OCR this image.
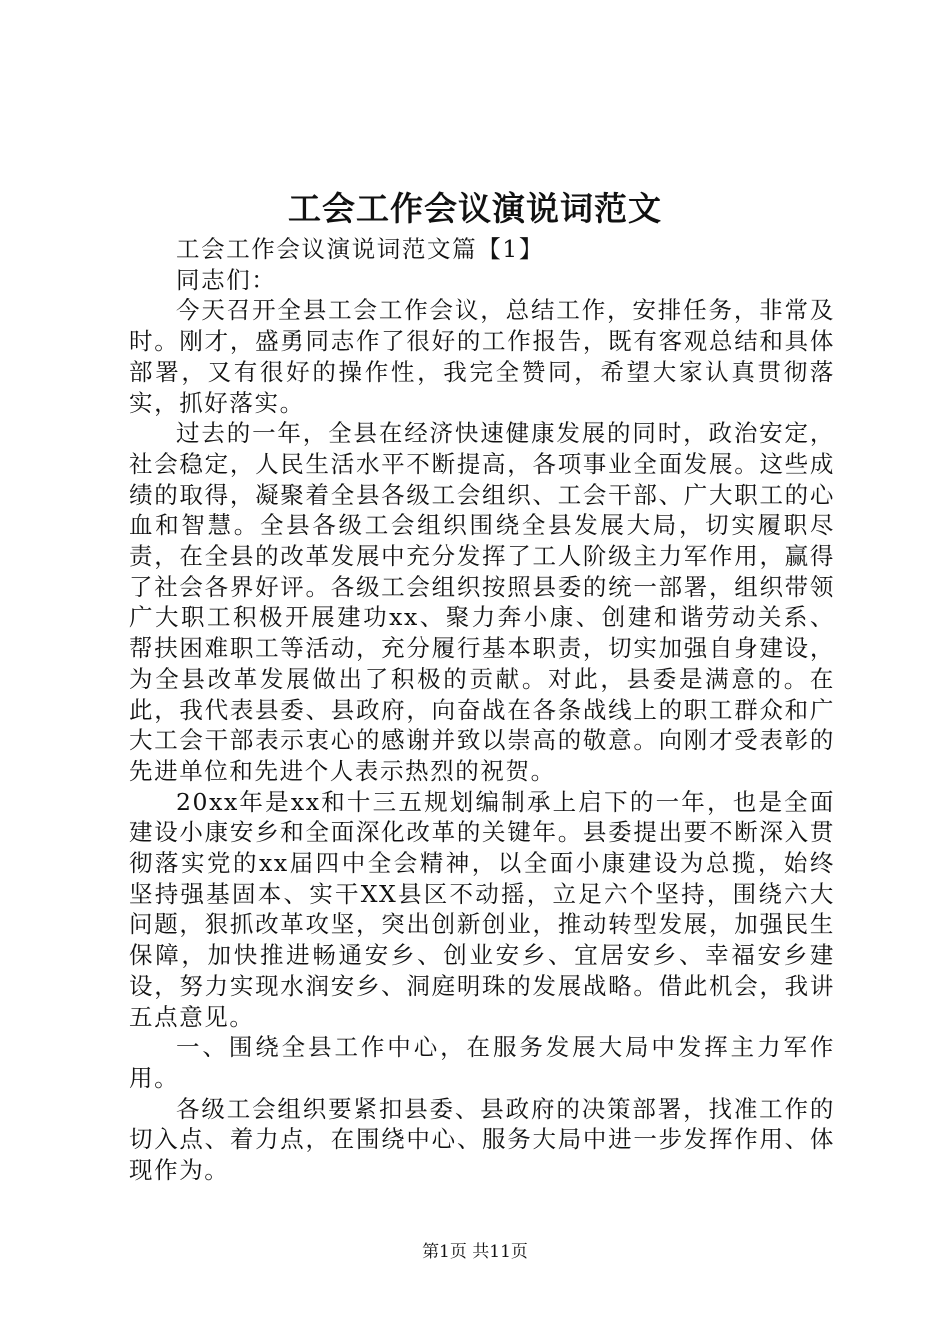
工会工作会议演说词范文

工会工作会议演说词范文篇【1】

同志们：

今天召开全县工会工作会议，总结工作，安排任务，非常及时。刚才，盛勇同志作了很好的工作报告，既有客观总结和具体部署，又有很好的操作性，我完全赞同，希望大家认真贯彻落实，抓好落实。

过去的一年，全县在经济快速健康发展的同时，政治安定，社会稳定，人民生活水平不断提高，各项事业全面发展。这些成绩的取得，凝聚着全县各级工会组织、工会干部、广大职工的心血和智慧。全县各级工会组织围绕全县发展大局，切实履职尽责，在全县的改革发展中充分发挥了工人阶级主力军作用，赢得了社会各界好评。各级工会组织按照县委的统一部署，组织带领广大职工积极开展建功xx、聚力奔小康、创建和谐劳动关系、帮扶困难职工等活动，充分履行基本职责，切实加强自身建设，为全县改革发展做出了积极的贡献。对此，县委是满意的。在此，我代表县委、县政府，向奋战在各条战线上的职工群众和广大工会干部表示衷心的感谢并致以崇高的敬意。向刚才受表彰的先进单位和先进个人表示热烈的祝贺。

20xx年是xx和十三五规划编制承上启下的一年，也是全面建设小康安乡和全面深化改革的关键年。县委提出要不断深入贯彻落实党的xx届四中全会精神，以全面小康建设为总揽，始终坚持强基固本、实干XX县区不动摇，立足六个坚持，围绕六大问题，狠抓改革攻坚，突出创新创业，推动转型发展，加强民生保障，加快推进畅通安乡、创业安乡、宜居安乡、幸福安乡建设，努力实现水润安乡、洞庭明珠的发展战略。借此机会，我讲五点意见。

一、围绕全县工作中心，在服务发展大局中发挥主力军作用。

各级工会组织要紧扣县委、县政府的决策部署，找准工作的切入点、着力点，在围绕中心、服务大局中进一步发挥作用、体现作为。

第1页 共11页
